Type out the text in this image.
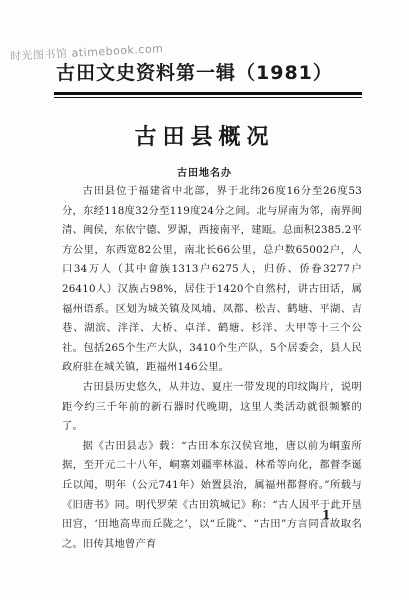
时光图书馆 atimebook.com
古田文史资料第一辑（1981）
古田县概况
古田地名办

古田县位于福建省中北部，界于北纬26度16分至26度53分，东经118度32分至119度24分之间。北与屏南为邻，南界闽清、闽侯，东依宁德、罗源，西接南平，建瓯。总面积2385.2平方公里，东西宽82公里，南北长66公里，总户数65002户，人口34万人（其中畲族1313户6275人，归侨、侨眷3277户26410人）汉族占98%，居住于1420个自然村，讲古田话，属福州语系。区划为城关镇及凤埔、凤都、松吉、鹤塘、平湖、吉巷、湖滨、泮洋、大桥、卓洋、鹤塘、杉洋、大甲等十三个公社。包括265个生产大队，3410个生产队，5个居委会，县人民政府驻在城关镇，距福州146公里。

古田县历史悠久，从井边、夏庄一带发现的印纹陶片，说明距今约三千年前的新石器时代晚期，这里人类活动就很频繁的了。

据《古田县志》载：“古田本东汉侯官地，唐以前为峒蛮所据，至开元二十八年，峒寨刘疆率林溢、林希等向化，都督李诞丘以闻，明年（公元741年）始置县治，属福州都督府。”所载与《旧唐书》同。明代罗荣《古田筑城记》称：“古人因平于此开垦田宫，‘田地高卑而丘陇之’，以“丘陇”、“古田”方言同音故取名之。旧传其地曾产育

1
